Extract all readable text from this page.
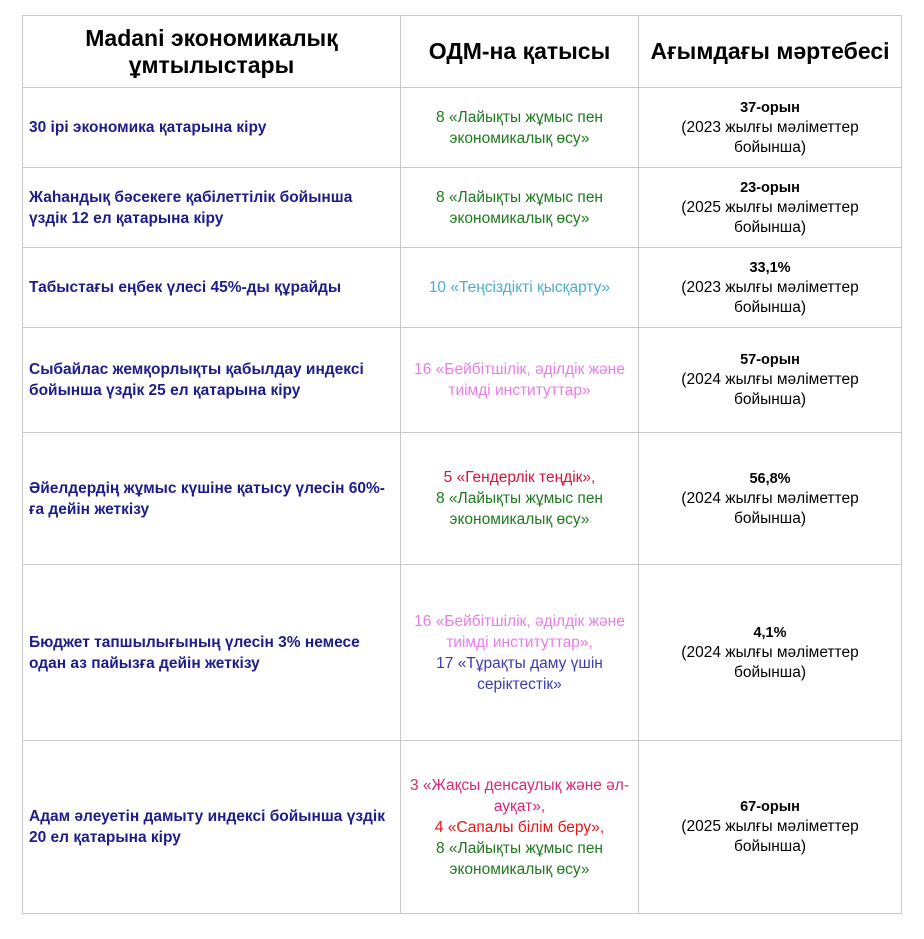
Madani экономикалық ұмтылыстары	ОДМ-на қатысы	Ағымдағы мәртебесі
30 ірі экономика қатарына кіру	8 «Лайықты жұмыс пен экономикалық өсу»	37-орын
(2023 жылғы мәліметтер бойынша)

Жаһандық бәсекеге қабілеттілік бойынша үздік 12 ел қатарына кіру	8 «Лайықты жұмыс пен экономикалық өсу»	23-орын
(2025 жылғы мәліметтер бойынша)

Табыстағы еңбек үлесі 45%-ды құрайды	10 «Теңсіздікті қысқарту»	33,1%
(2023 жылғы мәліметтер бойынша)

Сыбайлас жемқорлықты қабылдау индексі бойынша үздік 25 ел қатарына кіру	16 «Бейбітшілік, әділдік және тиімді институттар»	57-орын
(2024 жылғы мәліметтер бойынша)

Әйелдердің жұмыс күшіне қатысу үлесін 60%-ға дейін жеткізу	5 «Гендерлік теңдік»,
8 «Лайықты жұмыс пен экономикалық өсу»	56,8%
(2024 жылғы мәліметтер бойынша)

Бюджет тапшылығының үлесін 3% немесе одан аз пайызға дейін жеткізу	16 «Бейбітшілік, әділдік және тиімді институттар»,
17 «Тұрақты даму үшін серіктестік»	4,1%
(2024 жылғы мәліметтер бойынша)

Адам әлеуетін дамыту индексі бойынша үздік 20 ел қатарына кіру	3 «Жақсы денсаулық және әл-ауқат»,
4 «Сапалы білім беру»,
8 «Лайықты жұмыс пен экономикалық өсу»	67-орын
(2025 жылғы мәліметтер бойынша)
